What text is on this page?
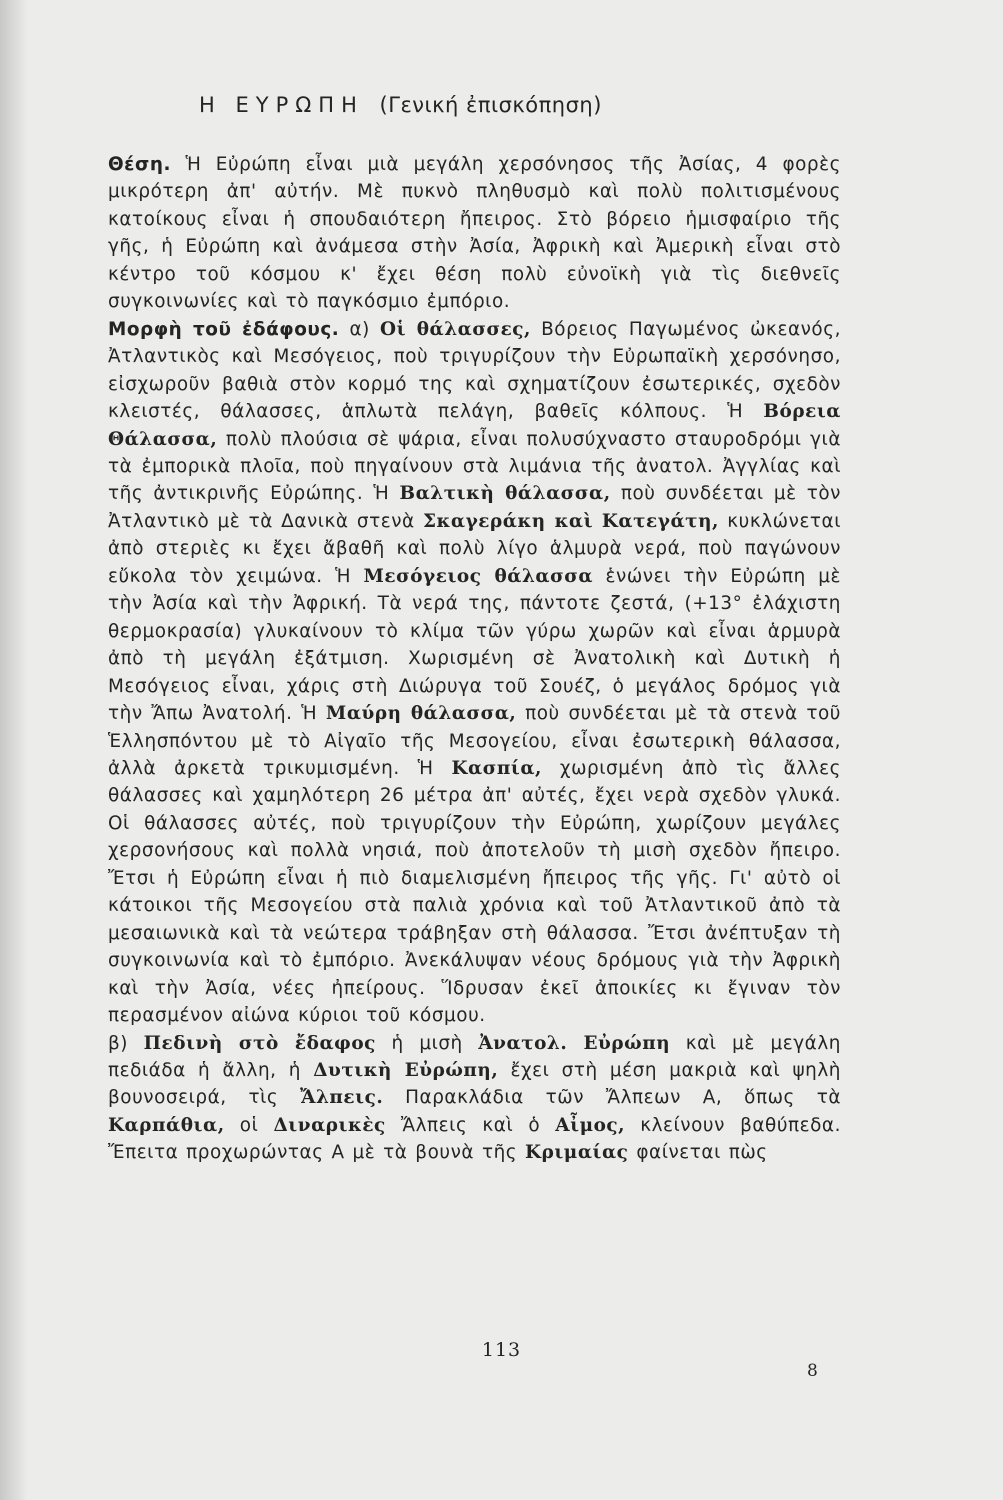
Η ΕΥΡΩΠΗ (Γενική ἐπισκόπηση)

Θέση. Ἡ Εὐρώπη εἶναι μιὰ μεγάλη χερσόνησος τῆς Ἀσίας, 4 φορὲς μικρότερη ἀπ' αὐτήν. Μὲ πυκνὸ πληθυσμὸ καὶ πολὺ πολιτισμένους κατοίκους εἶναι ἡ σπουδαιότερη ἤπειρος. Στὸ βόρειο ἡμισφαίριο τῆς γῆς, ἡ Εὐρώπη καὶ ἀνάμεσα στὴν Ἀσία, Ἀφρικὴ καὶ Ἀμερικὴ εἶναι στὸ κέντρο τοῦ κόσμου κ' ἔχει θέση πολὺ εὐνοϊκὴ γιὰ τὶς διεθνεῖς συγκοινωνίες καὶ τὸ παγκόσμιο ἐμπόριο.

Μορφὴ τοῦ ἐδάφους. α) Οἱ θάλασσες, Βόρειος Παγωμένος ὠκεανός, Ἀτλαντικὸς καὶ Μεσόγειος, ποὺ τριγυρίζουν τὴν Εὐρωπαϊκὴ χερσόνησο, εἰσχωροῦν βαθιὰ στὸν κορμό της καὶ σχηματίζουν ἐσωτερικές, σχεδὸν κλειστές, θάλασσες, ἁπλωτὰ πελάγη, βαθεῖς κόλπους. Ἡ Βόρεια Θάλασσα, πολὺ πλούσια σὲ ψάρια, εἶναι πολυσύχναστο σταυροδρόμι γιὰ τὰ ἐμπορικὰ πλοῖα, ποὺ πηγαίνουν στὰ λιμάνια τῆς ἀνατολ. Ἀγγλίας καὶ τῆς ἀντικρινῆς Εὐρώπης. Ἡ Βαλτικὴ θάλασσα, ποὺ συνδέεται μὲ τὸν Ἀτλαντικὸ μὲ τὰ Δανικὰ στενὰ Σκαγεράκη καὶ Κατεγάτη, κυκλώνεται ἀπὸ στεριὲς κι ἔχει ἄβαθῆ καὶ πολὺ λίγο ἁλμυρὰ νερά, ποὺ παγώνουν εὔκολα τὸν χειμώνα. Ἡ Μεσόγειος θάλασσα ἑνώνει τὴν Εὐρώπη μὲ τὴν Ἀσία καὶ τὴν Ἀφρική. Τὰ νερά της, πάντοτε ζεστά, (+13° ἐλάχιστη θερμοκρασία) γλυκαίνουν τὸ κλίμα τῶν γύρω χωρῶν καὶ εἶναι ἁρμυρὰ ἀπὸ τὴ μεγάλη ἐξάτμιση. Χωρισμένη σὲ Ἀνατολικὴ καὶ Δυτικὴ ἡ Μεσόγειος εἶναι, χάρις στὴ Διώρυγα τοῦ Σουέζ, ὁ μεγάλος δρόμος γιὰ τὴν Ἄπω Ἀνατολή. Ἡ Μαύρη θάλασσα, ποὺ συνδέεται μὲ τὰ στενὰ τοῦ Ἑλλησπόντου μὲ τὸ Αἰγαῖο τῆς Μεσογείου, εἶναι ἐσωτερικὴ θάλασσα, ἀλλὰ ἀρκετὰ τρικυμισμένη. Ἡ Κασπία, χωρισμένη ἀπὸ τὶς ἄλλες θάλασσες καὶ χαμηλότερη 26 μέτρα ἀπ' αὐτές, ἔχει νερὰ σχεδὸν γλυκά. Οἱ θάλασσες αὐτές, ποὺ τριγυρίζουν τὴν Εὐρώπη, χωρίζουν μεγάλες χερσονήσους καὶ πολλὰ νησιά, ποὺ ἀποτελοῦν τὴ μισὴ σχεδὸν ἤπειρο. Ἔτσι ἡ Εὐρώπη εἶναι ἡ πιὸ διαμελισμένη ἤπειρος τῆς γῆς. Γι' αὐτὸ οἱ κάτοικοι τῆς Μεσογείου στὰ παλιὰ χρόνια καὶ τοῦ Ἀτλαντικοῦ ἀπὸ τὰ μεσαιωνικὰ καὶ τὰ νεώτερα τράβηξαν στὴ θάλασσα. Ἔτσι ἀνέπτυξαν τὴ συγκοινωνία καὶ τὸ ἐμπόριο. Ἀνεκάλυψαν νέους δρόμους γιὰ τὴν Ἀφρικὴ καὶ τὴν Ἀσία, νέες ἠπείρους. Ἵδρυσαν ἐκεῖ ἀποικίες κι ἔγιναν τὸν περασμένον αἰώνα κύριοι τοῦ κόσμου.

β) Πεδινὴ στὸ ἔδαφος ἡ μισὴ Ἀνατολ. Εὐρώπη καὶ μὲ μεγάλη πεδιάδα ἡ ἄλλη, ἡ Δυτικὴ Εὐρώπη, ἔχει στὴ μέση μακριὰ καὶ ψηλὴ βουνοσειρά, τὶς Ἄλπεις. Παρακλάδια τῶν Ἄλπεων Α, ὅπως τὰ Καρπάθια, οἱ Διναρικὲς Ἄλπεις καὶ ὁ Αἶμος, κλείνουν βαθύπεδα. Ἔπειτα προχωρώντας Α μὲ τὰ βουνὰ τῆς Κριμαίας φαίνεται πὼς

113
8
